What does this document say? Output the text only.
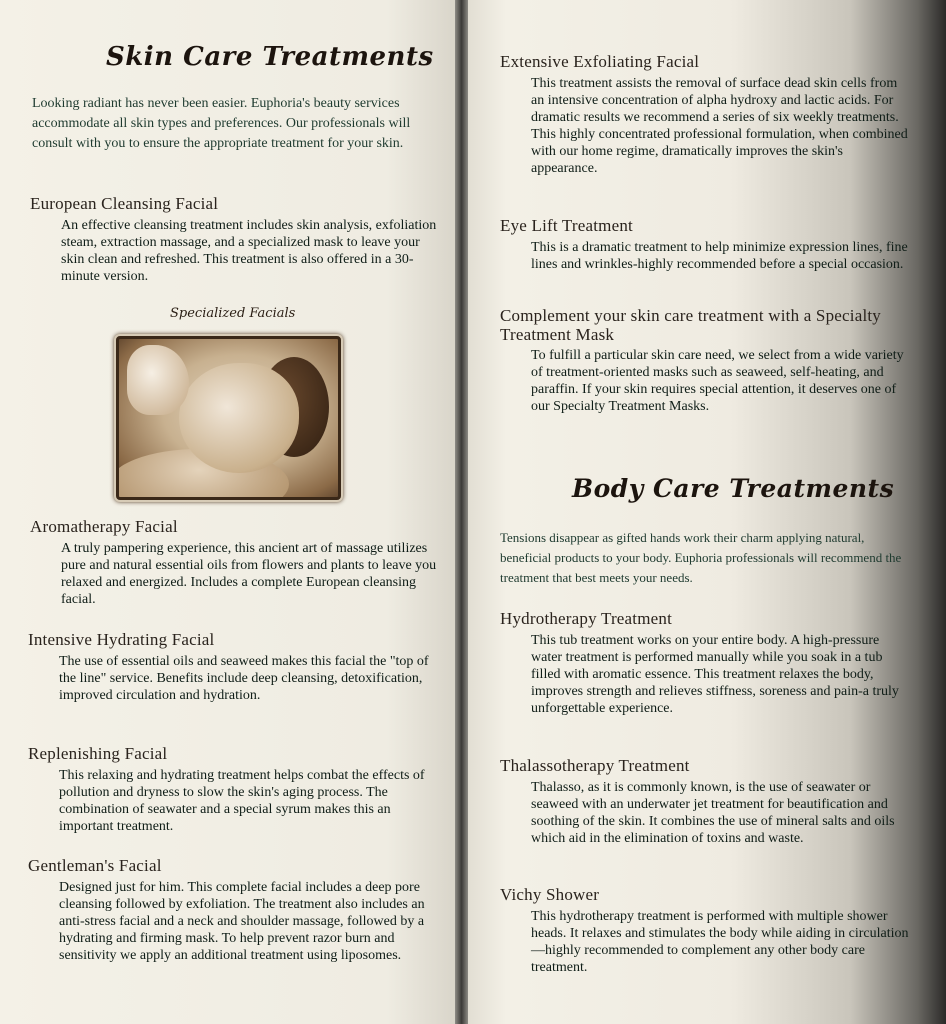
Skin Care Treatments

Looking radiant has never been easier. Euphoria's beauty services accommodate all skin types and preferences. Our professionals will consult with you to ensure the appropriate treatment for your skin.

European Cleansing Facial

An effective cleansing treatment includes skin analysis, exfoliation steam, extraction massage, and a specialized mask to leave your skin clean and refreshed. This treatment is also offered in a 30-minute version.

Specialized Facials
Aromatherapy Facial

A truly pampering experience, this ancient art of massage utilizes pure and natural essential oils from flowers and plants to leave you relaxed and energized. Includes a complete European cleansing facial.

Intensive Hydrating Facial

The use of essential oils and seaweed makes this facial the "top of the line" service. Benefits include deep cleansing, detoxification, improved circulation and hydration.

Replenishing Facial

This relaxing and hydrating treatment helps combat the effects of pollution and dryness to slow the skin's aging process. The combination of seawater and a special syrum makes this an important treatment.

Gentleman's Facial

Designed just for him. This complete facial includes a deep pore cleansing followed by exfoliation. The treatment also includes an anti-stress facial and a neck and shoulder massage, followed by a hydrating and firming mask. To help prevent razor burn and sensitivity we apply an additional treatment using liposomes.

Extensive Exfoliating Facial

This treatment assists the removal of surface dead skin cells from an intensive concentration of alpha hydroxy and lactic acids. For dramatic results we recommend a series of six weekly treatments. This highly concentrated professional formulation, when combined with our home regime, dramatically improves the skin's appearance.

Eye Lift Treatment

This is a dramatic treatment to help minimize expression lines, fine lines and wrinkles-highly recommended before a special occasion.

Complement your skin care treatment with a Specialty Treatment Mask

To fulfill a particular skin care need, we select from a wide variety of treatment-oriented masks such as seaweed, self-heating, and paraffin. If your skin requires special attention, it deserves one of our Specialty Treatment Masks.

Body Care Treatments

Tensions disappear as gifted hands work their charm applying natural, beneficial products to your body. Euphoria professionals will recommend the treatment that best meets your needs.

Hydrotherapy Treatment

This tub treatment works on your entire body. A high-pressure water treatment is performed manually while you soak in a tub filled with aromatic essence. This treatment relaxes the body, improves strength and relieves stiffness, soreness and pain-a truly unforgettable experience.

Thalassotherapy Treatment

Thalasso, as it is commonly known, is the use of seawater or seaweed with an underwater jet treatment for beautification and soothing of the skin. It combines the use of mineral salts and oils which aid in the elimination of toxins and waste.

Vichy Shower

This hydrotherapy treatment is performed with multiple shower heads. It relaxes and stimulates the body while aiding in circulation—highly recommended to complement any other body care treatment.
